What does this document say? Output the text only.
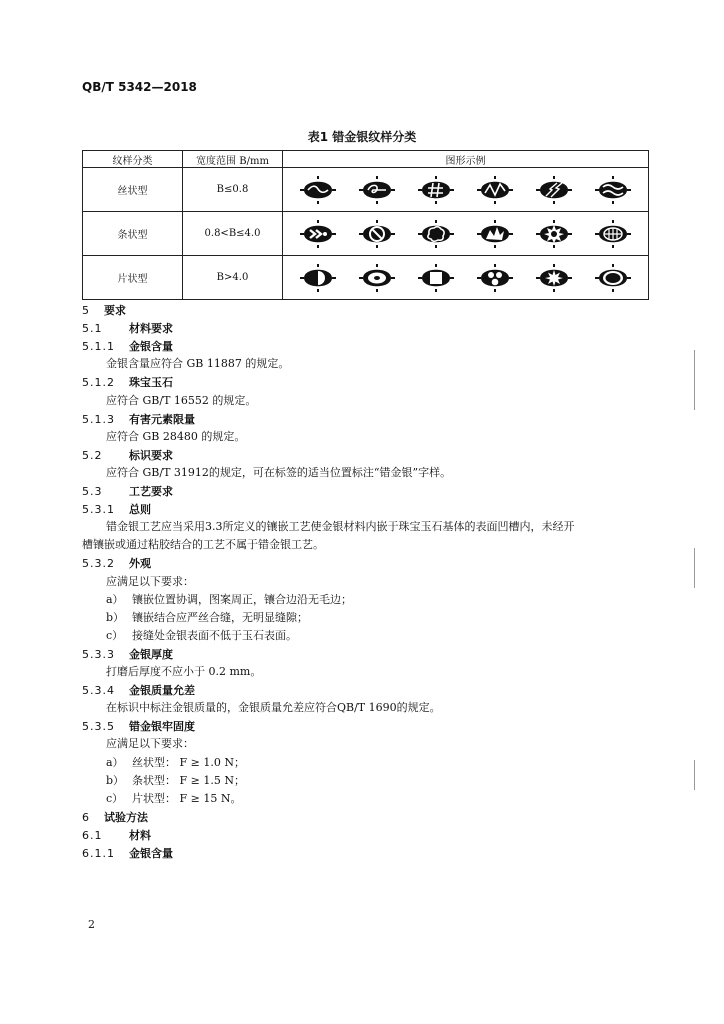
QB/T 5342—2018
表1 错金银纹样分类
纹样分类	宽度范围 B/mm	图形示例
丝状型	B≤0.8	

条状型	0.8<B≤4.0	

片状型	B>4.0	
5 要求
5.1 材料要求
5.1.1 金银含量
金银含量应符合 GB 11887 的规定。
5.1.2 珠宝玉石
应符合 GB/T 16552 的规定。
5.1.3 有害元素限量
应符合 GB 28480 的规定。
5.2 标识要求
应符合 GB/T 31912的规定，可在标签的适当位置标注“错金银”字样。
5.3 工艺要求
5.3.1 总则
错金银工艺应当采用3.3所定义的镶嵌工艺使金银材料内嵌于珠宝玉石基体的表面凹槽内，未经开
槽镶嵌或通过粘胶结合的工艺不属于错金银工艺。
5.3.2 外观
应满足以下要求：
a） 镶嵌位置协调，图案周正，镶合边沿无毛边；
b） 镶嵌结合应严丝合缝，无明显缝隙；
c） 接缝处金银表面不低于玉石表面。
5.3.3 金银厚度
打磨后厚度不应小于 0.2 mm。
5.3.4 金银质量允差
在标识中标注金银质量的，金银质量允差应符合QB/T 1690的规定。
5.3.5 错金银牢固度
应满足以下要求：
a） 丝状型： F ≥ 1.0 N；
b） 条状型： F ≥ 1.5 N；
c） 片状型： F ≥ 15 N。
6 试验方法
6.1 材料
6.1.1 金银含量
2
